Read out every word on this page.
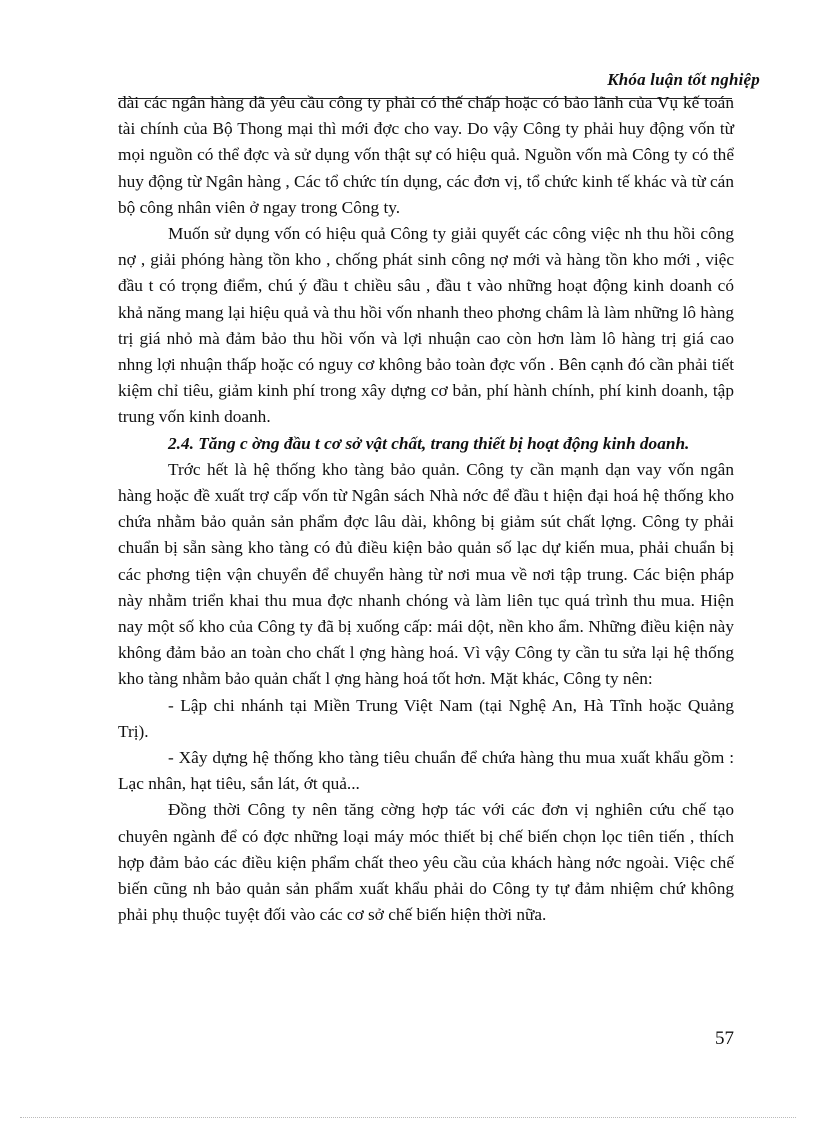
Khóa luận tốt nghiệp

dài các ngân hàng đã yêu cầu công ty phải có thế chấp hoặc có bảo lãnh của Vụ kế toán tài chính của Bộ Thong mại thì mới đợc cho vay. Do vậy Công ty phải huy động vốn từ mọi nguồn có thể đợc và sử dụng vốn thật sự có hiệu quả. Nguồn vốn mà Công ty có thể huy động từ Ngân hàng , Các tổ chức tín dụng, các đơn vị, tổ chức kinh tế khác và từ cán bộ công nhân viên ở ngay trong Công ty.

Muốn sử dụng vốn có hiệu quả Công ty giải quyết các công việc nh thu hồi công nợ , giải phóng hàng tồn kho , chống phát sinh công nợ mới và hàng tồn kho mới , việc đầu t có trọng điểm, chú ý đầu t chiều sâu , đầu t vào những hoạt động kinh doanh có khả năng mang lại hiệu quả và thu hồi vốn nhanh theo phơng châm là làm những lô hàng trị giá nhỏ mà đảm bảo thu hồi vốn và lợi nhuận cao còn hơn làm lô hàng trị giá cao nhng lợi nhuận thấp hoặc có nguy cơ không bảo toàn đợc vốn . Bên cạnh đó cần phải tiết kiệm chỉ tiêu, giảm kinh phí trong xây dựng cơ bản, phí hành chính, phí kinh doanh, tập trung vốn kinh doanh.

2.4. Tăng c ờng đầu t cơ sở vật chất, trang thiết bị hoạt động kinh doanh.

Trớc hết là hệ thống kho tàng bảo quản. Công ty cần mạnh dạn vay vốn ngân hàng hoặc đề xuất trợ cấp vốn từ Ngân sách Nhà nớc để đầu t hiện đại hoá hệ thống kho chứa nhằm bảo quản sản phẩm đợc lâu dài, không bị giảm sút chất lợng. Công ty phải chuẩn bị sẵn sàng kho tàng có đủ điều kiện bảo quản số lạc dự kiến mua, phải chuẩn bị các phơng tiện vận chuyển để chuyển hàng từ nơi mua về nơi tập trung. Các biện pháp này nhằm triển khai thu mua đợc nhanh chóng và làm liên tục quá trình thu mua. Hiện nay một số kho của Công ty đã bị xuống cấp: mái dột, nền kho ẩm. Những điều kiện này không đảm bảo an toàn cho chất l ợng hàng hoá. Vì vậy Công ty cần tu sửa lại hệ thống kho tàng nhằm bảo quản chất l ợng hàng hoá tốt hơn. Mặt khác, Công ty nên:

- Lập chi nhánh tại Miền Trung Việt Nam (tại Nghệ An, Hà Tĩnh hoặc Quảng Trị).

- Xây dựng hệ thống kho tàng tiêu chuẩn để chứa hàng thu mua xuất khẩu gồm : Lạc nhân, hạt tiêu, sắn lát, ớt quả...

Đồng thời Công ty nên tăng cờng hợp tác với các đơn vị nghiên cứu chế tạo chuyên ngành để có đợc những loại máy móc thiết bị chế biến chọn lọc tiên tiến , thích hợp đảm bảo các điều kiện phẩm chất theo yêu cầu của khách hàng nớc ngoài. Việc chế biến cũng nh bảo quản sản phẩm xuất khẩu phải do Công ty tự đảm nhiệm chứ không phải phụ thuộc tuyệt đối vào các cơ sở chế biến hiện thời nữa.

57
